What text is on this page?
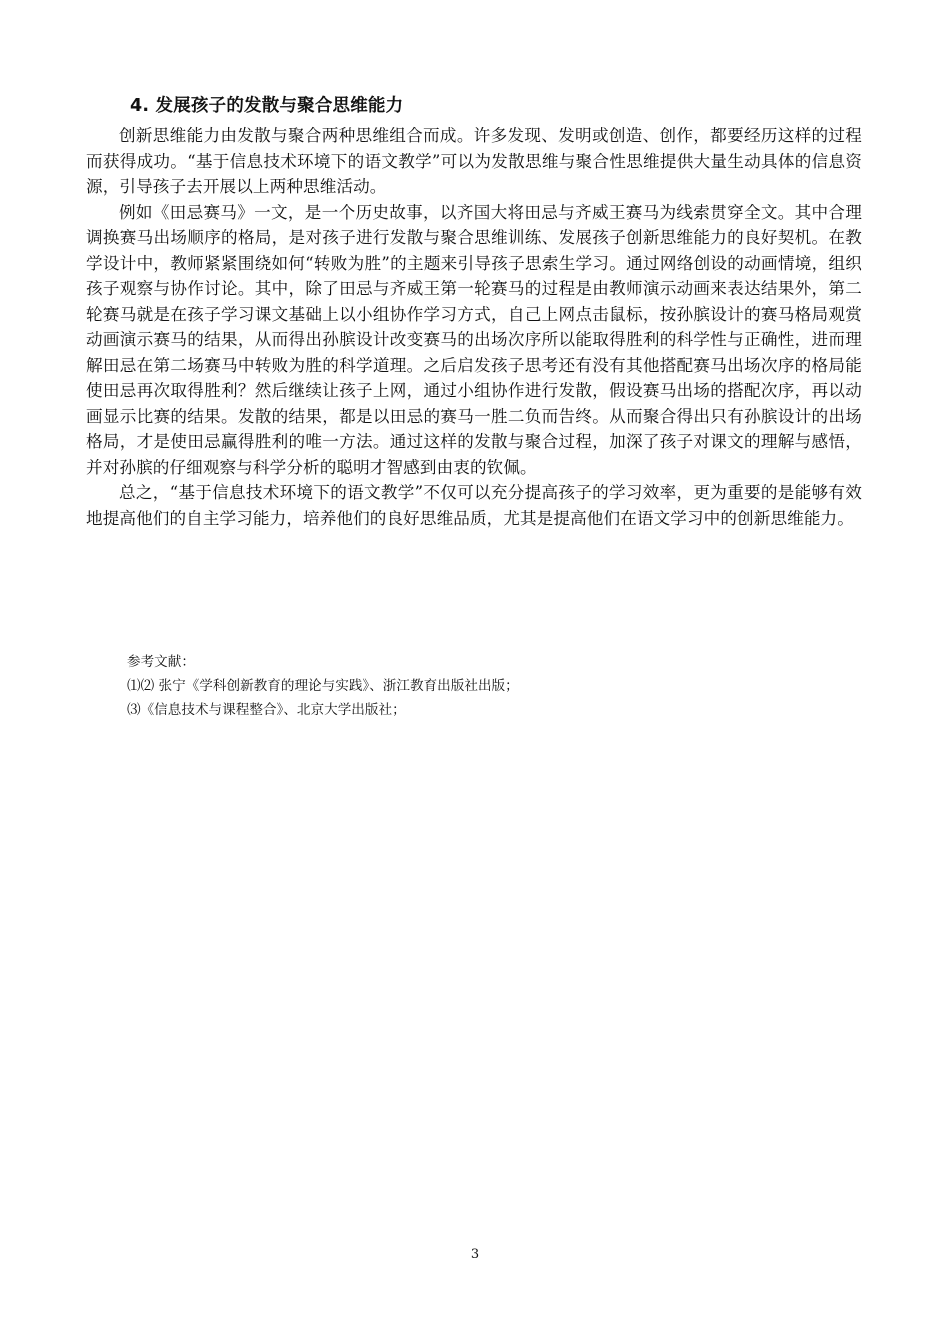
4. 发展孩子的发散与聚合思维能力

创新思维能力由发散与聚合两种思维组合而成。许多发现、发明或创造、创作，都要经历这样的过程而获得成功。“基于信息技术环境下的语文教学”可以为发散思维与聚合性思维提供大量生动具体的信息资源，引导孩子去开展以上两种思维活动。

例如《田忌赛马》一文，是一个历史故事，以齐国大将田忌与齐威王赛马为线索贯穿全文。其中合理调换赛马出场顺序的格局，是对孩子进行发散与聚合思维训练、发展孩子创新思维能力的良好契机。在教学设计中，教师紧紧围绕如何“转败为胜”的主题来引导孩子思索生学习。通过网络创设的动画情境，组织孩子观察与协作讨论。其中，除了田忌与齐威王第一轮赛马的过程是由教师演示动画来表达结果外，第二轮赛马就是在孩子学习课文基础上以小组协作学习方式，自己上网点击鼠标，按孙膑设计的赛马格局观赏动画演示赛马的结果，从而得出孙膑设计改变赛马的出场次序所以能取得胜利的科学性与正确性，进而理解田忌在第二场赛马中转败为胜的科学道理。之后启发孩子思考还有没有其他搭配赛马出场次序的格局能使田忌再次取得胜利？然后继续让孩子上网，通过小组协作进行发散，假设赛马出场的搭配次序，再以动画显示比赛的结果。发散的结果，都是以田忌的赛马一胜二负而告终。从而聚合得出只有孙膑设计的出场格局，才是使田忌赢得胜利的唯一方法。通过这样的发散与聚合过程，加深了孩子对课文的理解与感悟，并对孙膑的仔细观察与科学分析的聪明才智感到由衷的钦佩。

总之，“基于信息技术环境下的语文教学”不仅可以充分提高孩子的学习效率，更为重要的是能够有效地提高他们的自主学习能力，培养他们的良好思维品质，尤其是提高他们在语文学习中的创新思维能力。

参考文献：

⑴⑵ 张宁《学科创新教育的理论与实践》、浙江教育出版社出版；

⑶《信息技术与课程整合》、北京大学出版社；

3
